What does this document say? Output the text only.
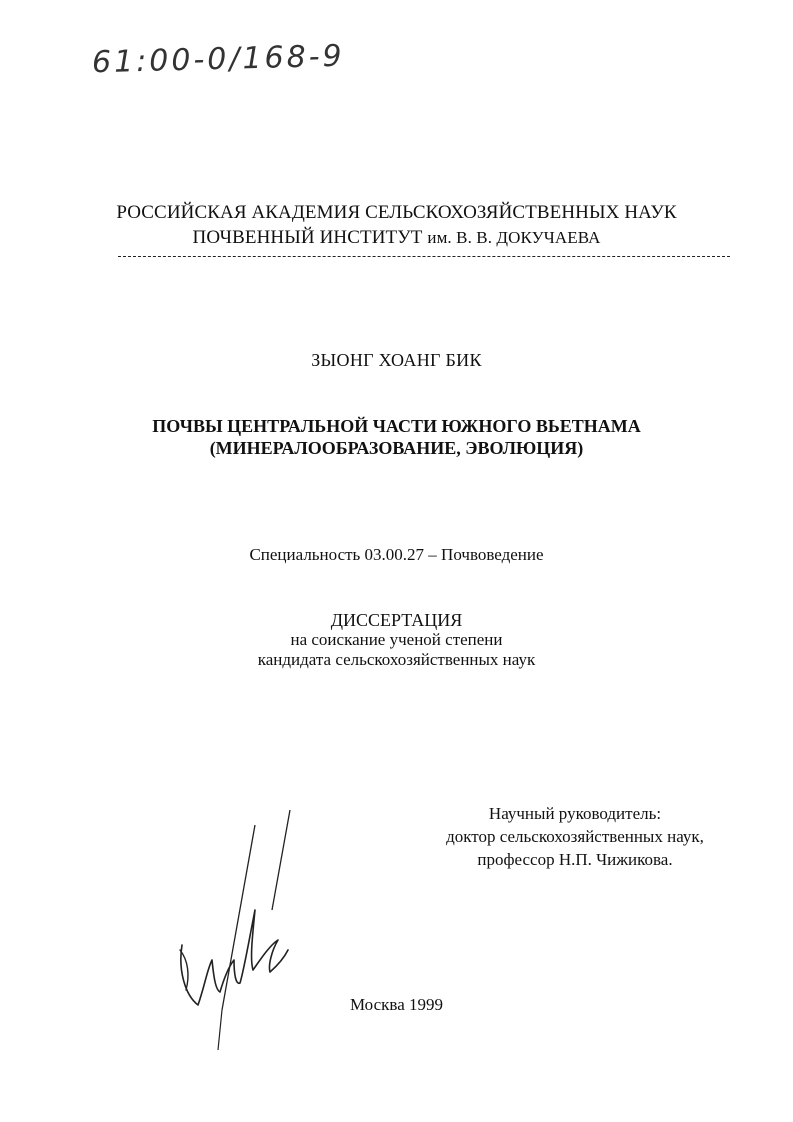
61:00-0/168-9
РОССИЙСКАЯ АКАДЕМИЯ СЕЛЬСКОХОЗЯЙСТВЕННЫХ НАУК
ПОЧВЕННЫЙ ИНСТИТУТ им. В. В. ДОКУЧАЕВА
ЗЫОНГ ХОАНГ БИК
ПОЧВЫ ЦЕНТРАЛЬНОЙ ЧАСТИ ЮЖНОГО ВЬЕТНАМА
(МИНЕРАЛООБРАЗОВАНИЕ, ЭВОЛЮЦИЯ)
Специальность 03.00.27 – Почвоведение
ДИССЕРТАЦИЯ
на соискание ученой степени
кандидата сельскохозяйственных наук
Научный руководитель:
доктор сельскохозяйственных наук,
профессор Н.П. Чижикова.
Москва 1999
